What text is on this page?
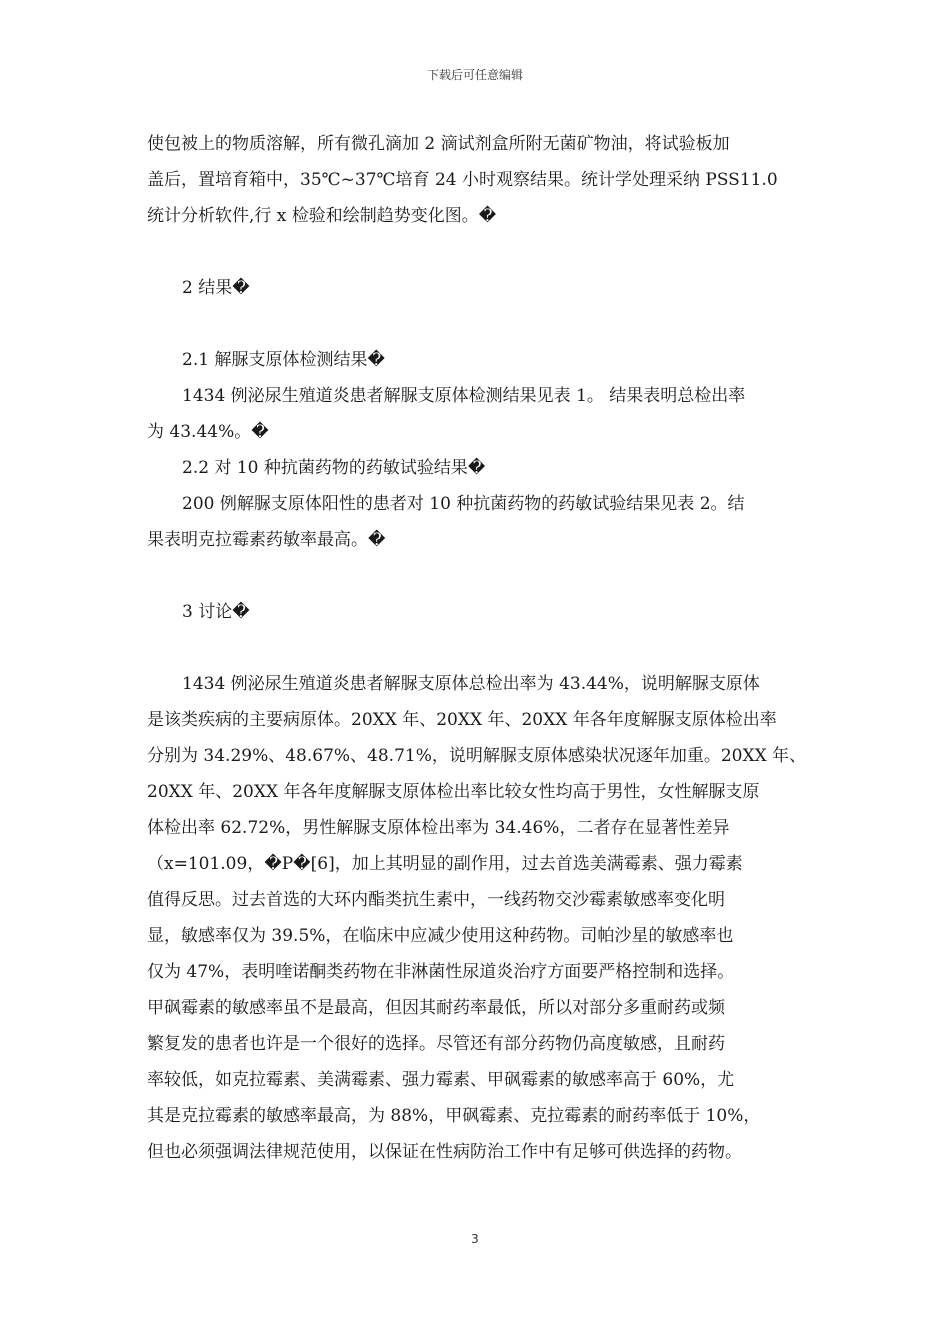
下载后可任意编辑
使包被上的物质溶解，所有微孔滴加 2 滴试剂盒所附无菌矿物油，将试验板加
盖后，置培育箱中，35℃~37℃培育 24 小时观察结果。统计学处理采纳 PSS11.0
统计分析软件,行 x 检验和绘制趋势变化图。�
2 结果�
2.1 解脲支原体检测结果�
1434 例泌尿生殖道炎患者解脲支原体检测结果见表 1。 结果表明总检出率
为 43.44%。�
2.2 对 10 种抗菌药物的药敏试验结果�
200 例解脲支原体阳性的患者对 10 种抗菌药物的药敏试验结果见表 2。结
果表明克拉霉素药敏率最高。�
3 讨论�
1434 例泌尿生殖道炎患者解脲支原体总检出率为 43.44%，说明解脲支原体
是该类疾病的主要病原体。20XX 年、20XX 年、20XX 年各年度解脲支原体检出率
分别为 34.29%、48.67%、48.71%，说明解脲支原体感染状况逐年加重。20XX 年、
20XX 年、20XX 年各年度解脲支原体检出率比较女性均高于男性，女性解脲支原
体检出率 62.72%，男性解脲支原体检出率为 34.46%，二者存在显著性差异
（x=101.09，�P�[6]，加上其明显的副作用，过去首选美满霉素、强力霉素
值得反思。过去首选的大环内酯类抗生素中，一线药物交沙霉素敏感率变化明
显，敏感率仅为 39.5%，在临床中应减少使用这种药物。司帕沙星的敏感率也
仅为 47%，表明喹诺酮类药物在非淋菌性尿道炎治疗方面要严格控制和选择。
甲砜霉素的敏感率虽不是最高，但因其耐药率最低，所以对部分多重耐药或频
繁复发的患者也许是一个很好的选择。尽管还有部分药物仍高度敏感，且耐药
率较低，如克拉霉素、美满霉素、强力霉素、甲砜霉素的敏感率高于 60%，尤
其是克拉霉素的敏感率最高，为 88%，甲砜霉素、克拉霉素的耐药率低于 10%，
但也必须强调法律规范使用，以保证在性病防治工作中有足够可供选择的药物。
3
